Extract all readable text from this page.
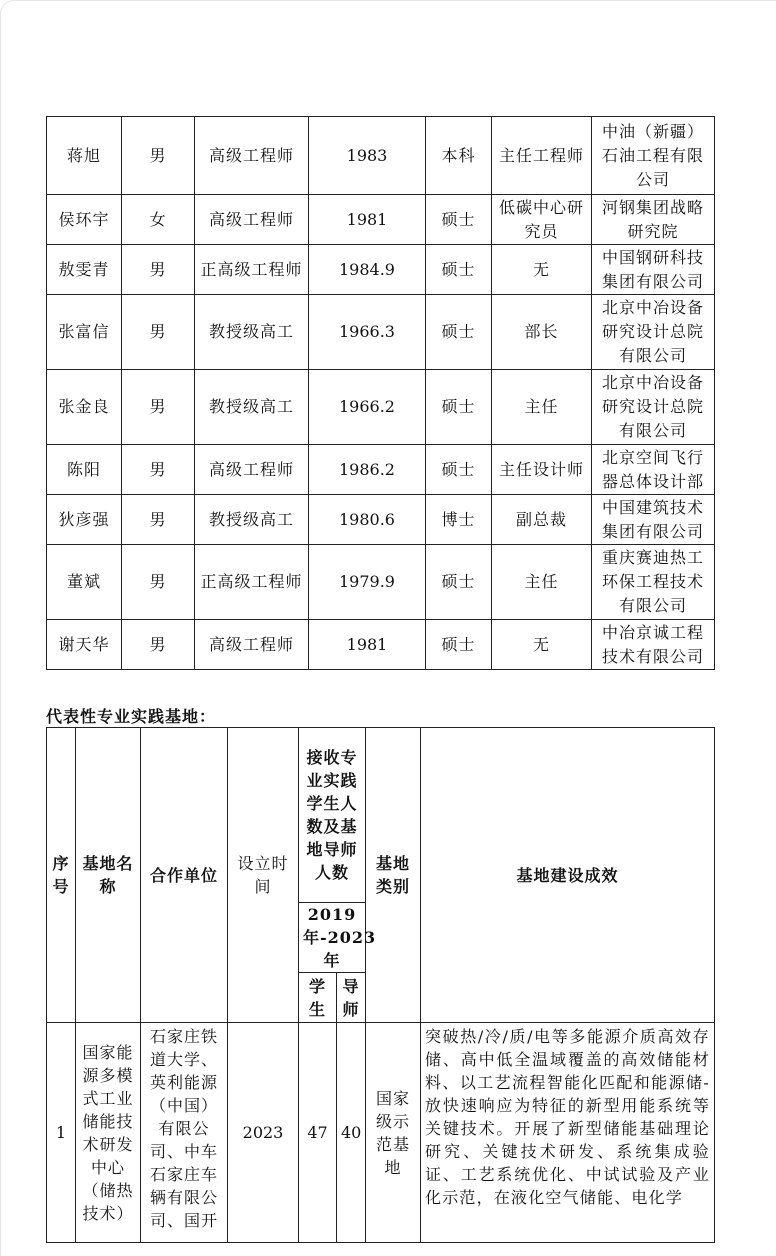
蒋旭	男	高级工程师	1983	本科	主任工程师	中油（新疆）石油工程有限公司
侯环宇	女	高级工程师	1981	硕士	低碳中心研究员	河钢集团战略研究院
敖雯青	男	正高级工程师	1984.9	硕士	无	中国钢研科技集团有限公司
张富信	男	教授级高工	1966.3	硕士	部长	北京中冶设备研究设计总院有限公司
张金良	男	教授级高工	1966.2	硕士	主任	北京中冶设备研究设计总院有限公司
陈阳	男	高级工程师	1986.2	硕士	主任设计师	北京空间飞行器总体设计部
狄彦强	男	教授级高工	1980.6	博士	副总裁	中国建筑技术集团有限公司
董斌	男	正高级工程师	1979.9	硕士	主任	重庆赛迪热工环保工程技术有限公司
谢天华	男	高级工程师	1981	硕士	无	中冶京诚工程技术有限公司
代表性专业实践基地：
序号	基地名称	合作单位	设立时间	接收专业实践学生人数及基地导师人数		基地类别	基地建设成效
				2019 年-2023 年			
				学生	导师		
1	国家能源多模式工业储能技术研发中心（储热技术）	石家庄铁道大学、英利能源（中国）有限公司、中车石家庄车辆有限公司、国开	2023	47	40	国家级示范基地	突破热/冷/质/电等多能源介质高效存储、高中低全温域覆盖的高效储能材料、以工艺流程智能化匹配和能源储-放快速响应为特征的新型用能系统等关键技术。开展了新型储能基础理论研究、关键技术研发、系统集成验证、工艺系统优化、中试试验及产业化示范，在液化空气储能、电化学
